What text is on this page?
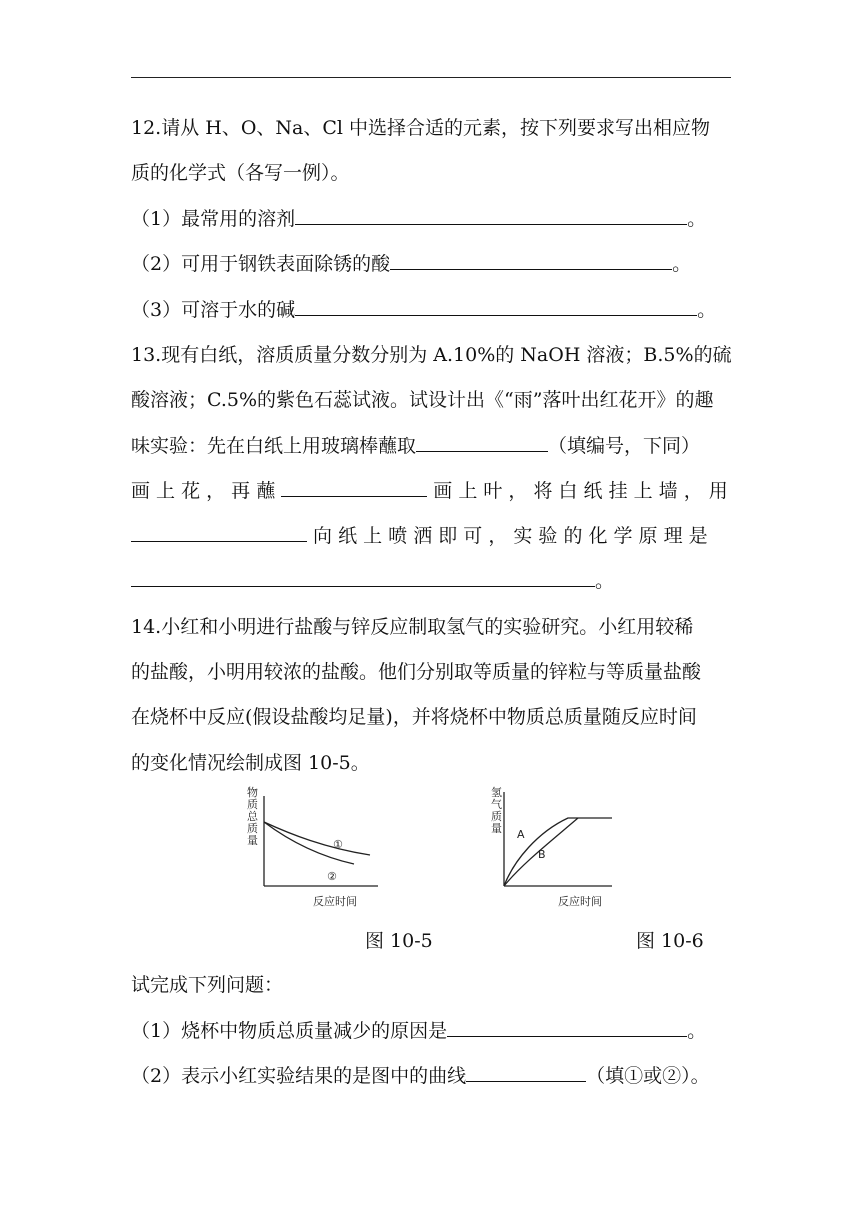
12.请从 H、O、Na、Cl 中选择合适的元素，按下列要求写出相应物
质的化学式（各写一例）。
（1）最常用的溶剂	。
（2）可用于钢铁表面除锈的酸	。
（3）可溶于水的碱	。
13.现有白纸，溶质质量分数分别为 A.10%的 NaOH 溶液；B.5%的硫
酸溶液；C.5%的紫色石蕊试液。试设计出《“雨”落叶出红花开》的趣
味实验：先在白纸上用玻璃棒蘸取	（填编号，下同）
画 上 花 ， 再 蘸	画 上 叶 ， 将 白 纸 挂 上 墙 ， 用
向 纸 上 喷 洒 即 可 ， 实 验 的 化 学 原 理 是
。
14.小红和小明进行盐酸与锌反应制取氢气的实验研究。小红用较稀
的盐酸，小明用较浓的盐酸。他们分别取等质量的锌粒与等质量盐酸
在烧杯中反应(假设盐酸均足量)，并将烧杯中物质总质量随反应时间
的变化情况绘制成图 10-5。
①
②
反应时间
物
质
总
质
量	A
B
反应时间
氢
气
质
量
图 10-5	图 10-6
试完成下列问题：
（1）烧杯中物质总质量减少的原因是	。
（2）表示小红实验结果的是图中的曲线	（填①或②）。
